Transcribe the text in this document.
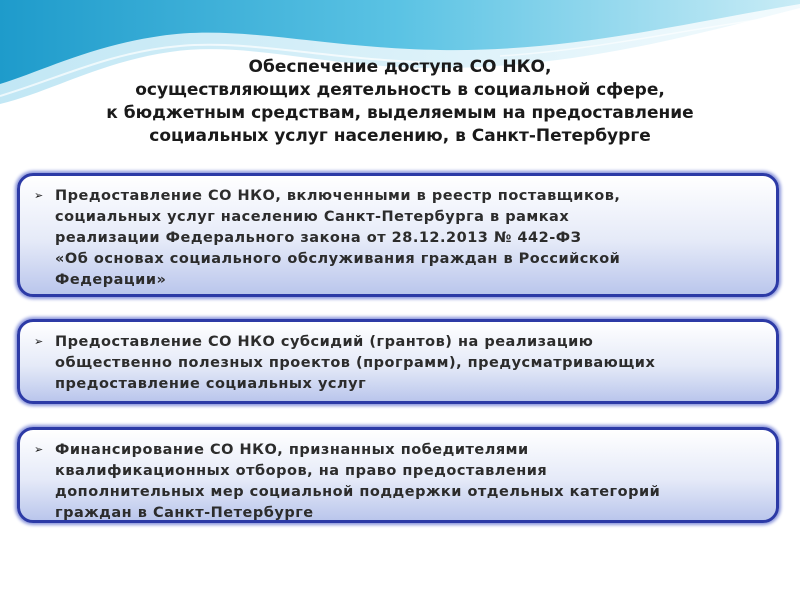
Обеспечение доступа СО НКО,
осуществляющих деятельность в социальной сфере,
к бюджетным средствам, выделяемым на предоставление
социальных услуг населению, в Санкт-Петербурге
➢ Предоставление СО НКО, включенными в реестр поставщиков,
социальных услуг населению Санкт-Петербурга в рамках
реализации Федерального закона от 28.12.2013 № 442-ФЗ
«Об основах социального обслуживания граждан в Российской
Федерации»

➢ Предоставление СО НКО субсидий (грантов) на реализацию
общественно полезных проектов (программ), предусматривающих
предоставление социальных услуг

➢ Финансирование СО НКО, признанных победителями
квалификационных отборов, на право предоставления
дополнительных мер социальной поддержки отдельных категорий
граждан в Санкт-Петербурге
